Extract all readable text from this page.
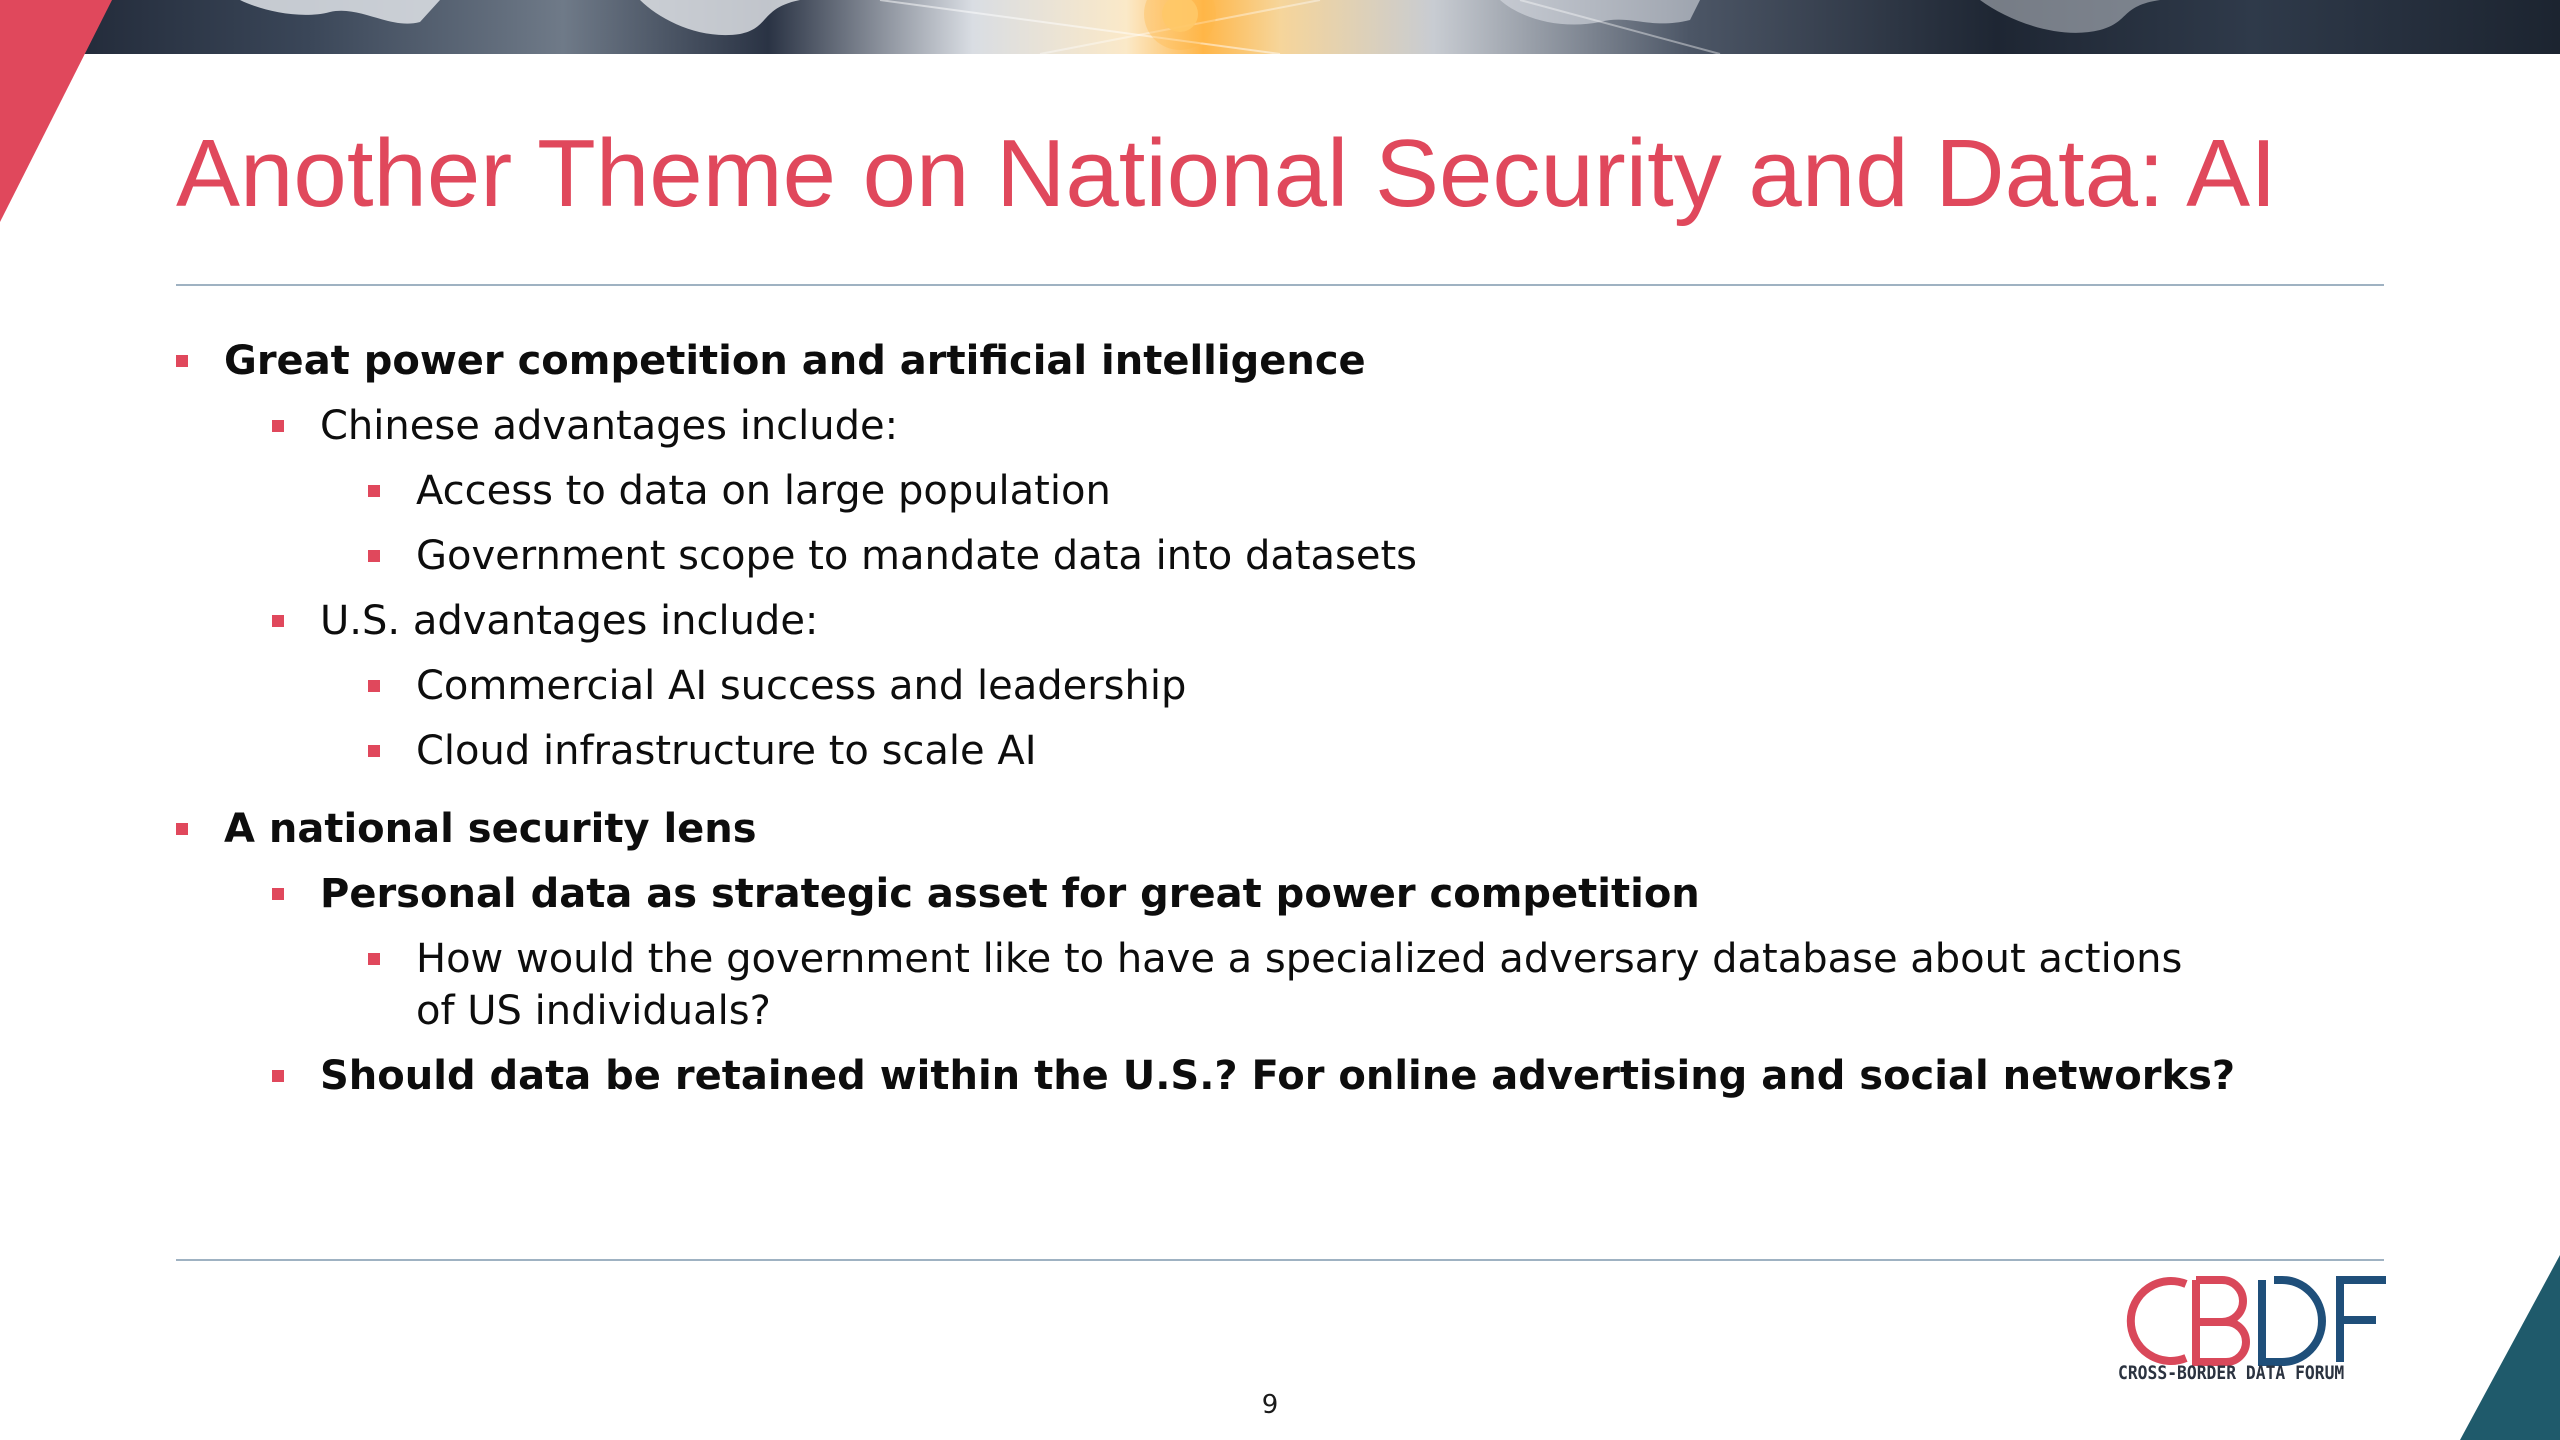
Another Theme on National Security and Data: AI
Great power competition and artificial intelligence
Chinese advantages include:
Access to data on large population
Government scope to mandate data into datasets
U.S. advantages include:
Commercial AI success and leadership
Cloud infrastructure to scale AI
A national security lens
Personal data as strategic asset for great power competition
How would the government like to have a specialized adversary database about actions of US individuals?
Should data be retained within the U.S.? For online advertising and social networks?
CROSS-BORDER DATA FORUM
9
